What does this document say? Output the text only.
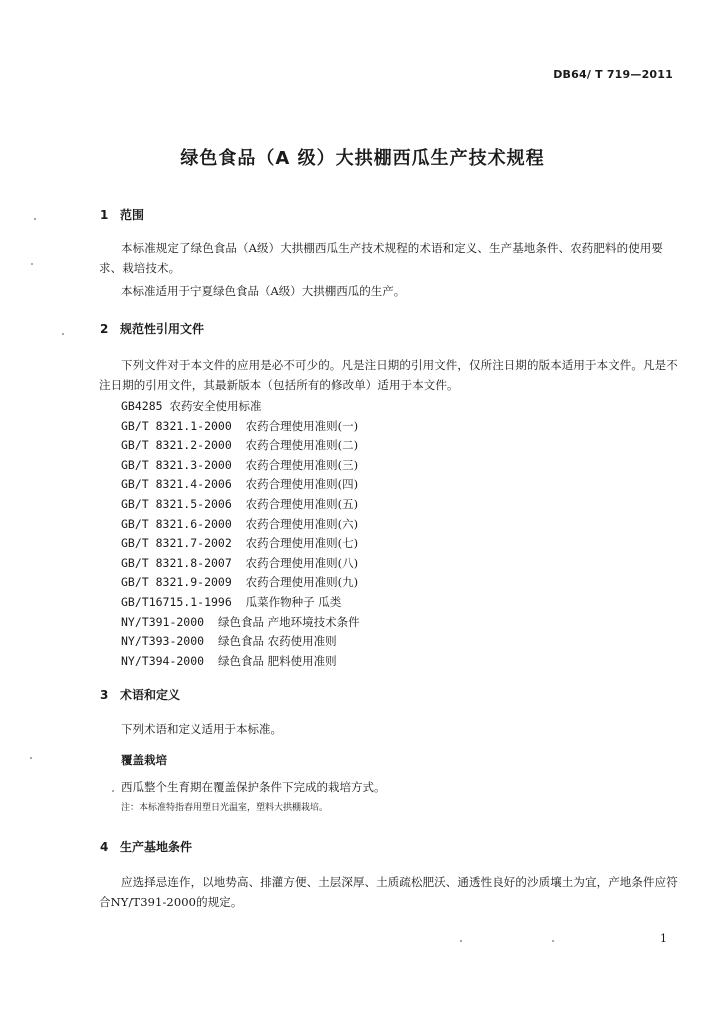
DB64/ T 719—2011
绿色食品（A 级）大拱棚西瓜生产技术规程
1 范围
本标准规定了绿色食品（A级）大拱棚西瓜生产技术规程的术语和定义、生产基地条件、农药肥料的使用要求、栽培技术。
本标准适用于宁夏绿色食品（A级）大拱棚西瓜的生产。
2 规范性引用文件
下列文件对于本文件的应用是必不可少的。凡是注日期的引用文件，仅所注日期的版本适用于本文件。凡是不注日期的引用文件，其最新版本（包括所有的修改单）适用于本文件。
GB4285 农药安全使用标准
GB/T 8321.1-2000 农药合理使用准则(一)
GB/T 8321.2-2000 农药合理使用准则(二)
GB/T 8321.3-2000 农药合理使用准则(三)
GB/T 8321.4-2006 农药合理使用准则(四)
GB/T 8321.5-2006 农药合理使用准则(五)
GB/T 8321.6-2000 农药合理使用准则(六)
GB/T 8321.7-2002 农药合理使用准则(七)
GB/T 8321.8-2007 农药合理使用准则(八)
GB/T 8321.9-2009 农药合理使用准则(九)
GB/T16715.1-1996 瓜菜作物种子 瓜类
NY/T391-2000 绿色食品 产地环境技术条件
NY/T393-2000 绿色食品 农药使用准则
NY/T394-2000 绿色食品 肥料使用准则
3 术语和定义
下列术语和定义适用于本标准。
覆盖栽培
西瓜整个生育期在覆盖保护条件下完成的栽培方式。
注：本标准特指春用塑日光温室，塑料大拱棚栽培。
4 生产基地条件
应选择忌连作，以地势高、排灌方便、土层深厚、土质疏松肥沃、通透性良好的沙质壤土为宜，产地条件应符合NY/T391-2000的规定。
1
